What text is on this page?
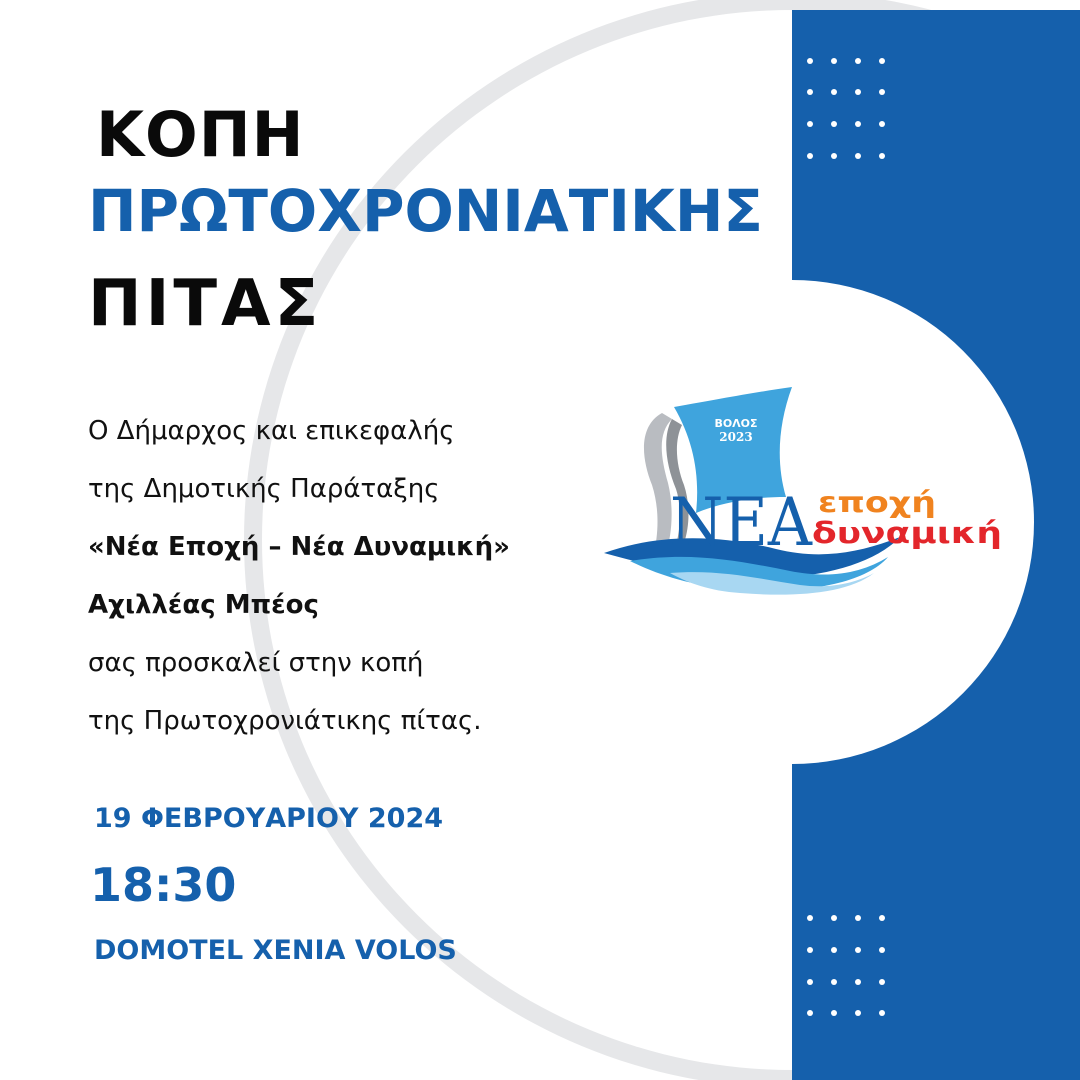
ΚΟΠΗ
ΠΡΩΤΟΧΡΟΝΙΑΤΙΚΗΣ
ΠΙΤΑΣ
Ο Δήμαρχος και επικεφαλής
της Δημοτικής Παράταξης
«Νέα Εποχή – Νέα Δυναμική»
Αχιλλέας Μπέος
σας προσκαλεί στην κοπή
της Πρωτοχρονιάτικης πίτας.
19 ΦΕΒΡΟΥΑΡΙΟΥ 2024
18:30
DOMOTEL XENIA VOLOS
ΒΟΛΟΣ
2023
ΝΕΑ εποχή
δυναμική
